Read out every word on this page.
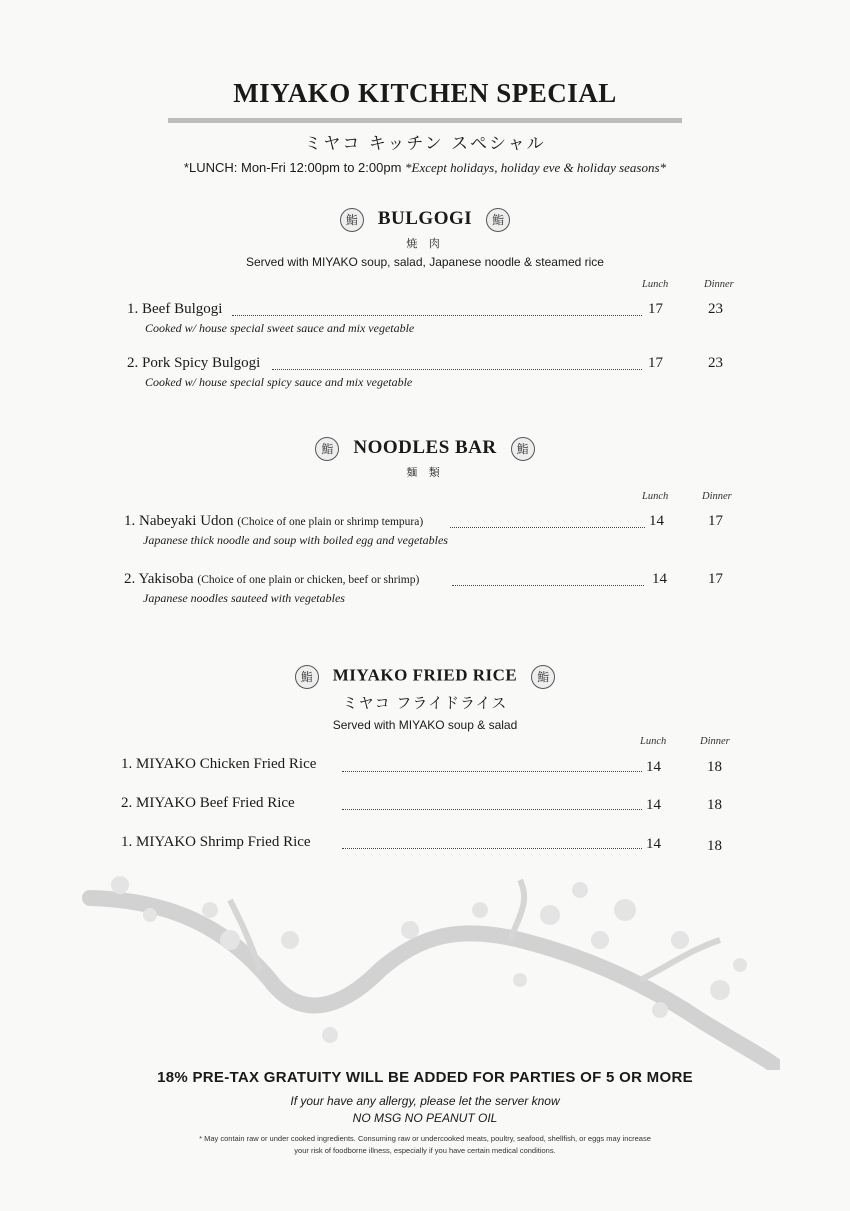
MIYAKO KITCHEN SPECIAL
ミヤコ キッチン スペシャル
*LUNCH: Mon-Fri 12:00pm to 2:00pm *Except holidays, holiday eve & holiday seasons*
鮨 BULGOGI 鮨
焼 肉
Served with MIYAKO soup, salad, Japanese noodle & steamed rice
Lunch	Dinner
1. Beef Bulgogi	17	23
Cooked w/ house special sweet sauce and mix vegetable
2. Pork Spicy Bulgogi	17	23
Cooked w/ house special spicy sauce and mix vegetable
鮨 NOODLES BAR 鮨
麺 類
Lunch	Dinner
1. Nabeyaki Udon (Choice of one plain or shrimp tempura)	14	17
Japanese thick noodle and soup with boiled egg and vegetables
2. Yakisoba (Choice of one plain or chicken, beef or shrimp)	14	17
Japanese noodles sauteed with vegetables
鮨 MIYAKO FRIED RICE 鮨
ミヤコ フライドライス
Served with MIYAKO soup & salad
Lunch	Dinner
1. MIYAKO Chicken Fried Rice	14	18
2. MIYAKO Beef Fried Rice	14	18
1. MIYAKO Shrimp Fried Rice	14	18
18% PRE-TAX GRATUITY WILL BE ADDED FOR PARTIES OF 5 OR MORE
If your have any allergy, please let the server know
NO MSG NO PEANUT OIL
* May contain raw or under cooked ingredients. Consuming raw or undercooked meats, poultry, seafood, shellfish, or eggs may increase
your risk of foodborne illness, especially if you have certain medical conditions.
